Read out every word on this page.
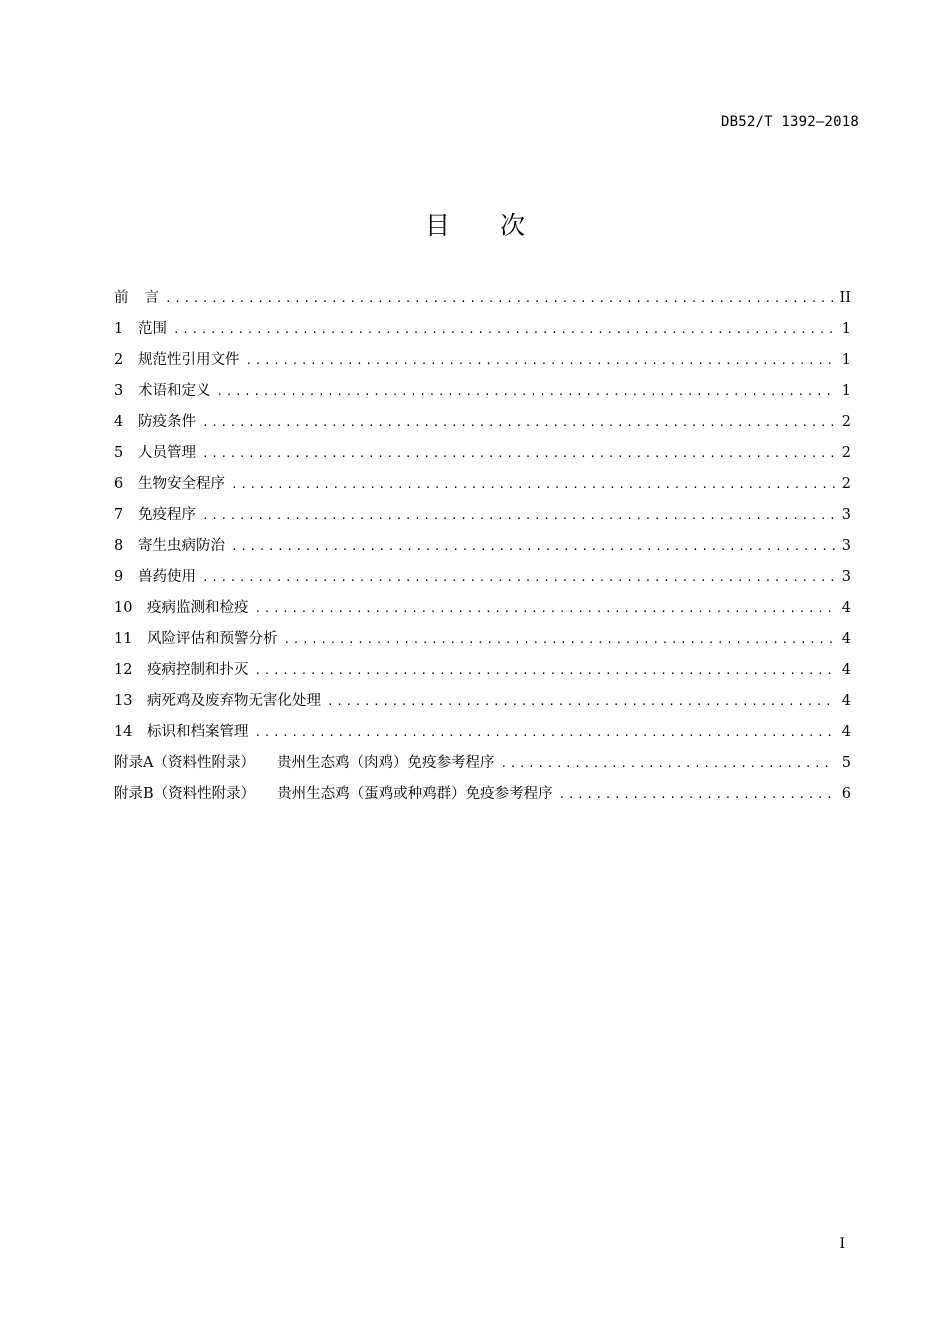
DB52/T 1392—2018
目次
前 言 .....	II
1	范围 .....	1
2	规范性引用文件 .....	1
3	术语和定义 .....	1
4	防疫条件 .....	2
5	人员管理 .....	2
6	生物安全程序 .....	2
7	免疫程序 .....	3
8	寄生虫病防治 .....	3
9	兽药使用 .....	3
10	疫病监测和检疫 .....	4
11	风险评估和预警分析 .....	4
12	疫病控制和扑灭 .....	4
13	病死鸡及废弃物无害化处理 .....	4
14	标识和档案管理 .....	4
附录A（资料性附录） 贵州生态鸡（肉鸡）免疫参考程序 .....	5
附录B（资料性附录） 贵州生态鸡（蛋鸡或种鸡群）免疫参考程序 .....	6
I
